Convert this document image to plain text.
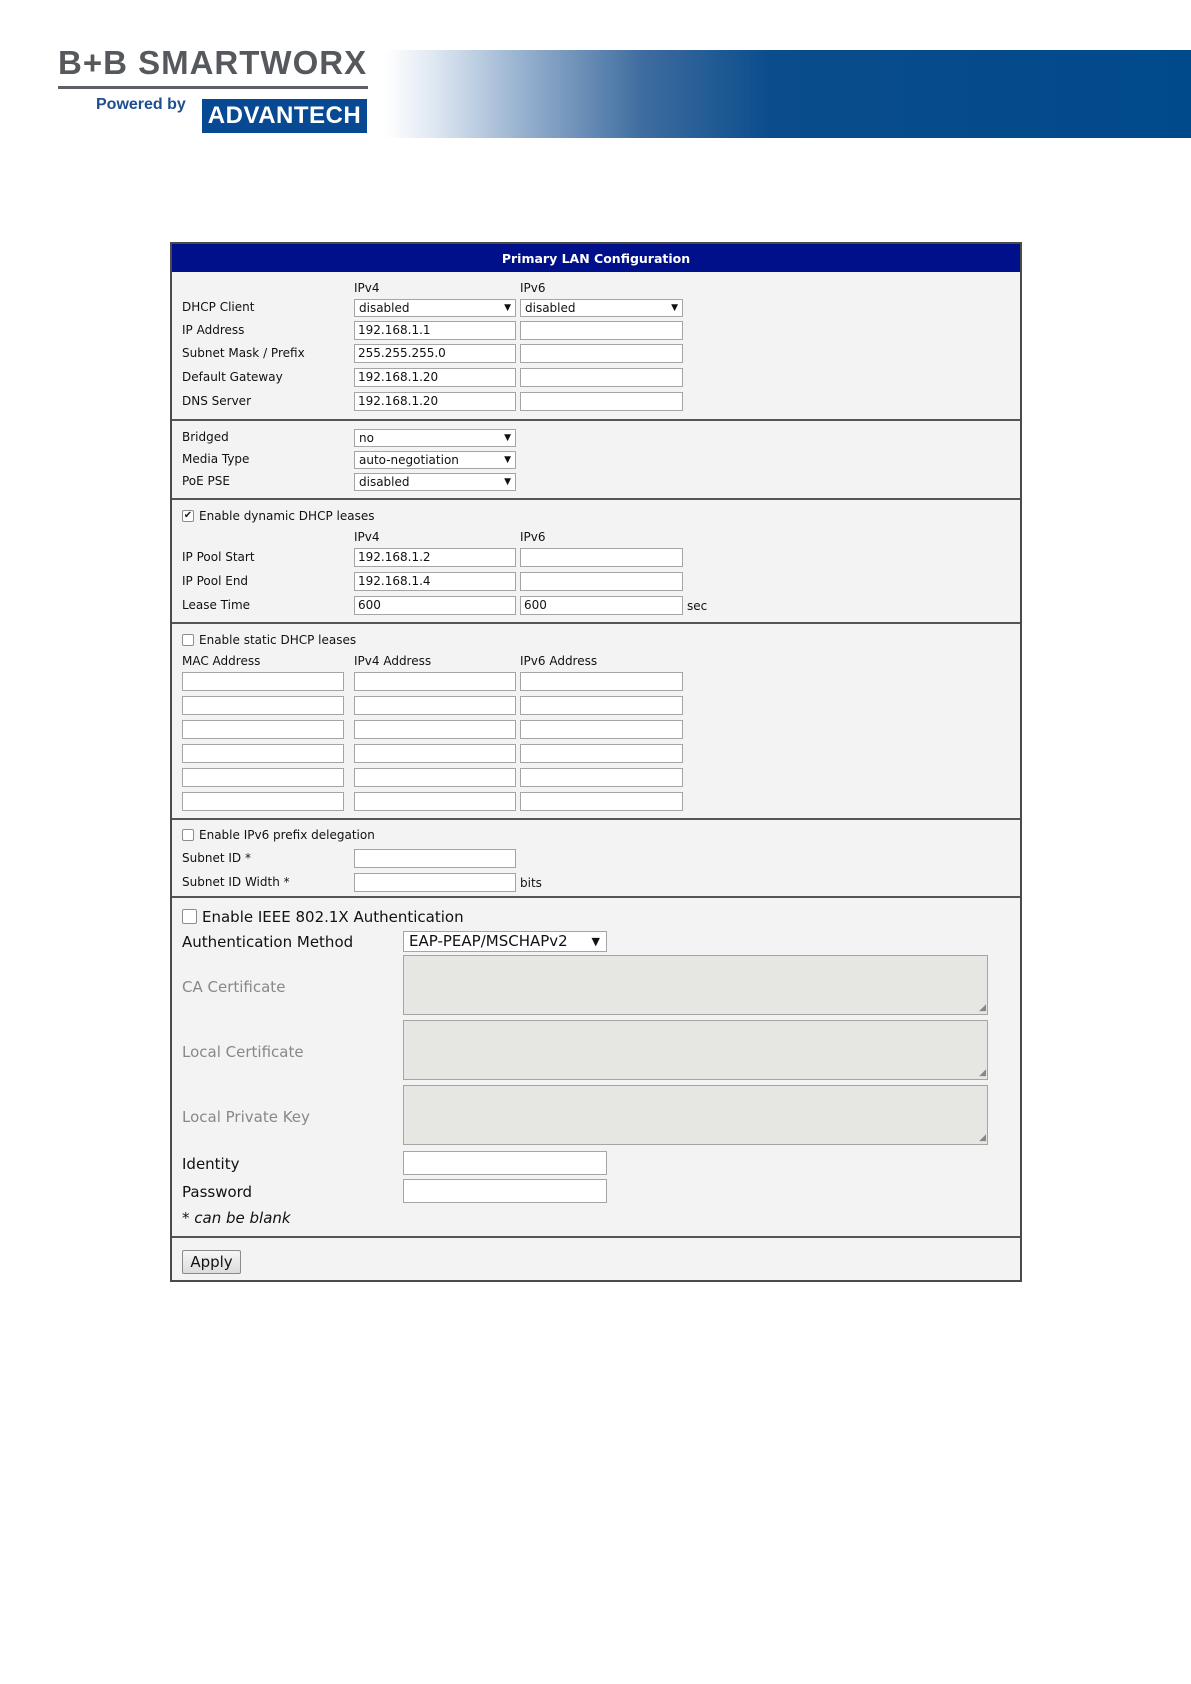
B+B SMARTWORX
Powered by ADVANTECH
Primary LAN Configuration
IPv4	IPv6
DHCP Client	disabled	▼	disabled	▼
IP Address	192.168.1.1
Subnet Mask / Prefix	255.255.255.0
Default Gateway	192.168.1.20
DNS Server	192.168.1.20
Bridged	no	▼
Media Type	auto-negotiation	▼
PoE PSE	disabled	▼
✔ Enable dynamic DHCP leases
IPv4	IPv6
IP Pool Start	192.168.1.2
IP Pool End	192.168.1.4
Lease Time	600	600	sec
Enable static DHCP leases
MAC Address	IPv4 Address	IPv6 Address
Enable IPv6 prefix delegation
Subnet ID *
Subnet ID Width *	bits
Enable IEEE 802.1X Authentication
Authentication Method	EAP-PEAP/MSCHAPv2 ▼
CA Certificate
◢
Local Certificate
◢
Local Private Key
◢
Identity
Password
* can be blank
Apply
